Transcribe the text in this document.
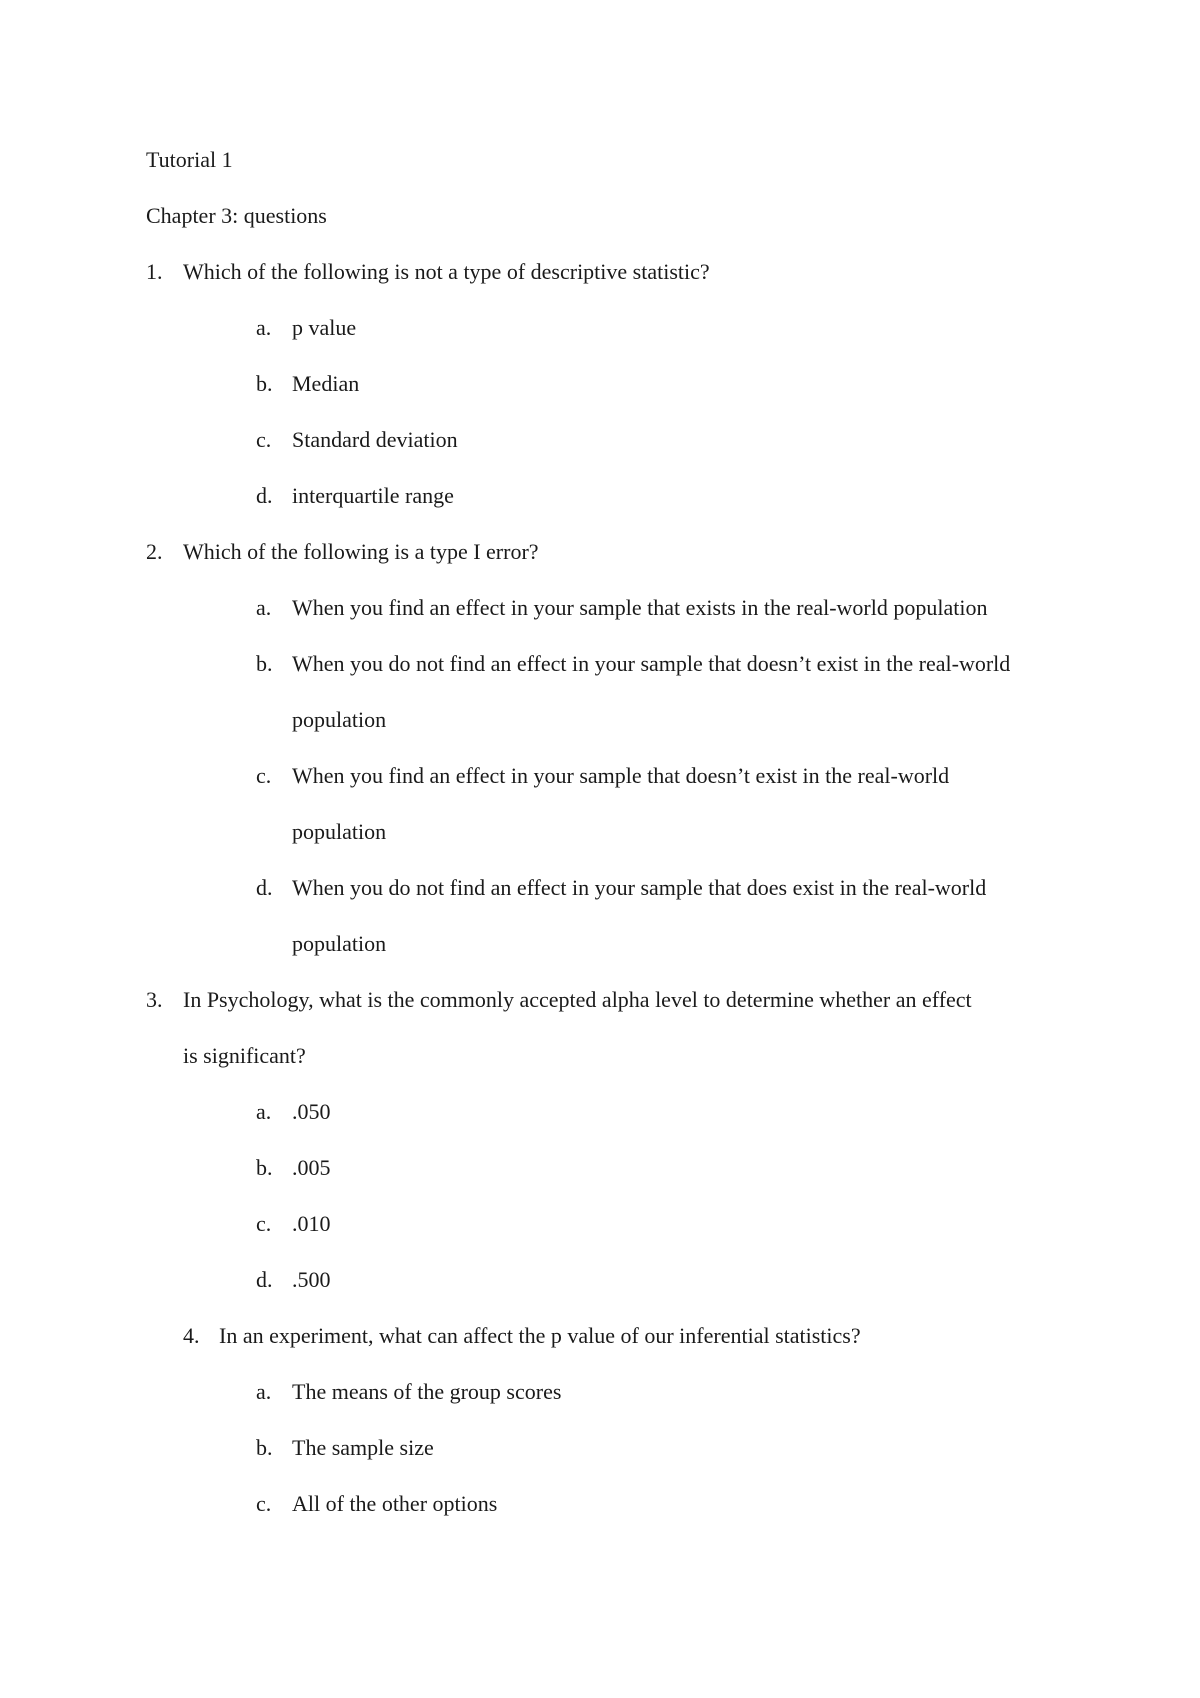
Tutorial 1
Chapter 3: questions
1. Which of the following is not a type of descriptive statistic?
a. p value
b. Median
c. Standard deviation
d. interquartile range
2. Which of the following is a type I error?
a. When you find an effect in your sample that exists in the real-world population
b. When you do not find an effect in your sample that doesn’t exist in the real-world
population
c. When you find an effect in your sample that doesn’t exist in the real-world
population
d. When you do not find an effect in your sample that does exist in the real-world
population
3. In Psychology, what is the commonly accepted alpha level to determine whether an effect
is significant?
a. .050
b. .005
c. .010
d. .500
4. In an experiment, what can affect the p value of our inferential statistics?
a. The means of the group scores
b. The sample size
c. All of the other options
